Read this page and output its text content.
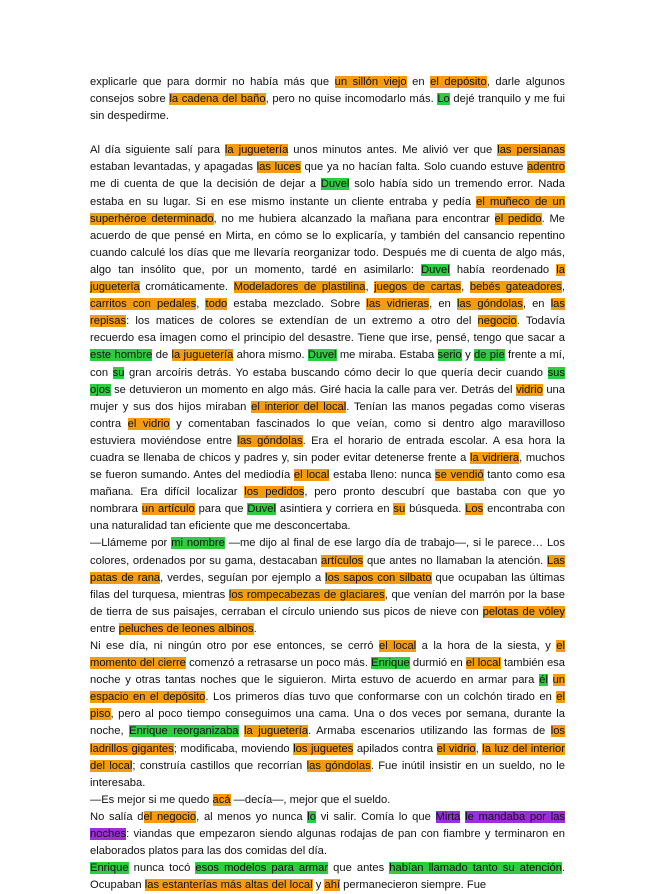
explicarle que para dormir no había más que un sillón viejo en el depósito, darle algunos consejos sobre la cadena del baño, pero no quise incomodarlo más. Lo dejé tranquilo y me fui sin despedirme.

Al día siguiente salí para la juguetería unos minutos antes. Me alivió ver que las persianas estaban levantadas, y apagadas las luces que ya no hacían falta. Solo cuando estuve adentro me di cuenta de que la decisión de dejar a Duvel solo había sido un tremendo error. Nada estaba en su lugar. Si en ese mismo instante un cliente entraba y pedía el muñeco de un superhéroe determinado, no me hubiera alcanzado la mañana para encontrar el pedido. Me acuerdo de que pensé en Mirta, en cómo se lo explicaría, y también del cansancio repentino cuando calculé los días que me llevaría reorganizar todo. Después me di cuenta de algo más, algo tan insólito que, por un momento, tardé en asimilarlo: Duvel había reordenado la juguetería cromáticamente. Modeladores de plastilina, juegos de cartas, bebés gateadores, carritos con pedales, todo estaba mezclado. Sobre las vidrieras, en las góndolas, en las repisas: los matices de colores se extendían de un extremo a otro del negocio. Todavía recuerdo esa imagen como el principio del desastre. Tiene que irse, pensé, tengo que sacar a este hombre de la juguetería ahora mismo. Duvel me miraba. Estaba serio y de pie frente a mí, con su gran arcoíris detrás. Yo estaba buscando cómo decir lo que quería decir cuando sus ojos se detuvieron un momento en algo más. Giré hacia la calle para ver. Detrás del vidrio una mujer y sus dos hijos miraban el interior del local. Tenían las manos pegadas como viseras contra el vidrio y comentaban fascinados lo que veían, como si dentro algo maravilloso estuviera moviéndose entre las góndolas. Era el horario de entrada escolar. A esa hora la cuadra se llenaba de chicos y padres y, sin poder evitar detenerse frente a la vidriera, muchos se fueron sumando. Antes del mediodía el local estaba lleno: nunca se vendió tanto como esa mañana. Era difícil localizar los pedidos, pero pronto descubrí que bastaba con que yo nombrara un artículo para que Duvel asintiera y corriera en su búsqueda. Los encontraba con una naturalidad tan eficiente que me desconcertaba.

—Llámeme por mi nombre —me dijo al final de ese largo día de trabajo—, si le parece… Los colores, ordenados por su gama, destacaban artículos que antes no llamaban la atención. Las patas de rana, verdes, seguían por ejemplo a los sapos con silbato que ocupaban las últimas filas del turquesa, mientras los rompecabezas de glaciares, que venían del marrón por la base de tierra de sus paisajes, cerraban el círculo uniendo sus picos de nieve con pelotas de vóley entre peluches de leones albinos.

Ni ese día, ni ningún otro por ese entonces, se cerró el local a la hora de la siesta, y el momento del cierre comenzó a retrasarse un poco más. Enrique durmió en el local también esa noche y otras tantas noches que le siguieron. Mirta estuvo de acuerdo en armar para él un espacio en el depósito. Los primeros días tuvo que conformarse con un colchón tirado en el piso, pero al poco tiempo conseguimos una cama. Una o dos veces por semana, durante la noche, Enrique reorganizaba la juguetería. Armaba escenarios utilizando las formas de los ladrillos gigantes; modificaba, moviendo los juguetes apilados contra el vidrio, la luz del interior del local; construía castillos que recorrían las góndolas. Fue inútil insistir en un sueldo, no le interesaba.

—Es mejor si me quedo acá —decía—, mejor que el sueldo.

No salía del negocio, al menos yo nunca lo vi salir. Comía lo que Mirta le mandaba por las noches: viandas que empezaron siendo algunas rodajas de pan con fiambre y terminaron en elaborados platos para las dos comidas del día.

Enrique nunca tocó esos modelos para armar que antes habían llamado tanto su atención. Ocupaban las estanterías más altas del local y ahí permanecieron siempre. Fue
